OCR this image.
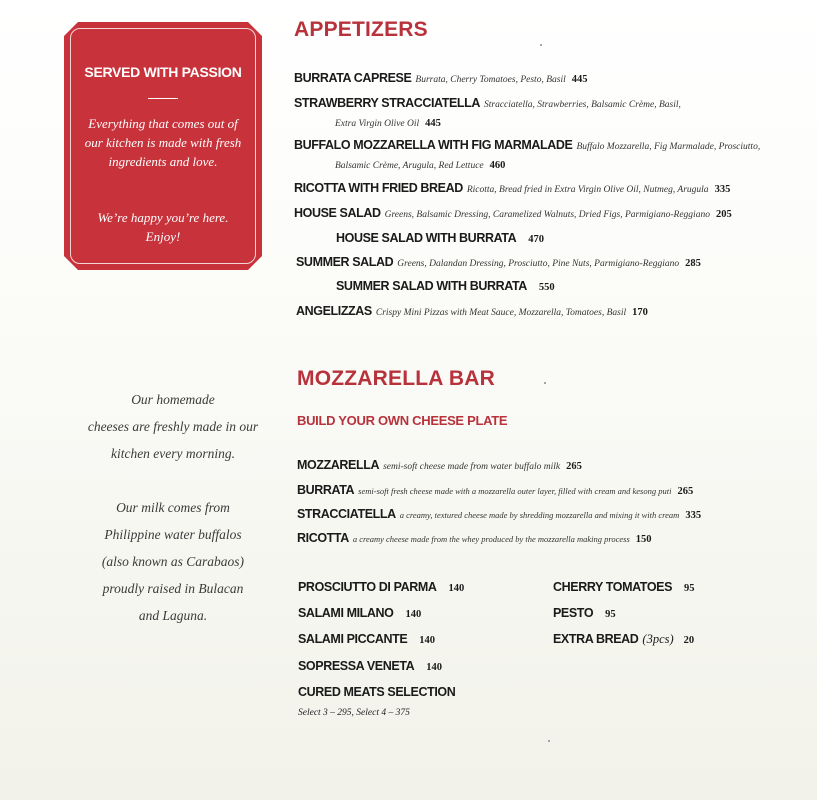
SERVED WITH PASSION
Everything that comes out of our kitchen is made with fresh ingredients and love.
We’re happy you’re here. Enjoy!
Our homemade
cheeses are freshly made in our
kitchen every morning.
Our milk comes from
Philippine water buffalos
(also known as Carabaos)
proudly raised in Bulacan
and Laguna.
APPETIZERS
BURRATA CAPRESE Burrata, Cherry Tomatoes, Pesto, Basil 445
STRAWBERRY STRACCIATELLA Stracciatella, Strawberries, Balsamic Crème, Basil,
Extra Virgin Olive Oil 445
BUFFALO MOZZARELLA WITH FIG MARMALADE Buffalo Mozzarella, Fig Marmalade, Prosciutto,
Balsamic Crème, Arugula, Red Lettuce 460
RICOTTA WITH FRIED BREAD Ricotta, Bread fried in Extra Virgin Olive Oil, Nutmeg, Arugula 335
HOUSE SALAD Greens, Balsamic Dressing, Caramelized Walnuts, Dried Figs, Parmigiano-Reggiano 205
HOUSE SALAD WITH BURRATA 470
SUMMER SALAD Greens, Dalandan Dressing, Prosciutto, Pine Nuts, Parmigiano-Reggiano 285
SUMMER SALAD WITH BURRATA 550
ANGELIZZAS Crispy Mini Pizzas with Meat Sauce, Mozzarella, Tomatoes, Basil 170
MOZZARELLA BAR
BUILD YOUR OWN CHEESE PLATE
MOZZARELLA semi-soft cheese made from water buffalo milk 265
BURRATA semi-soft fresh cheese made with a mozzarella outer layer, filled with cream and kesong puti 265
STRACCIATELLA a creamy, textured cheese made by shredding mozzarella and mixing it with cream 335
RICOTTA a creamy cheese made from the whey produced by the mozzarella making process 150
PROSCIUTTO DI PARMA 140
SALAMI MILANO 140
SALAMI PICCANTE 140
SOPRESSA VENETA 140
CURED MEATS SELECTION
Select 3 – 295, Select 4 – 375
CHERRY TOMATOES 95
PESTO 95
EXTRA BREAD (3pcs) 20
